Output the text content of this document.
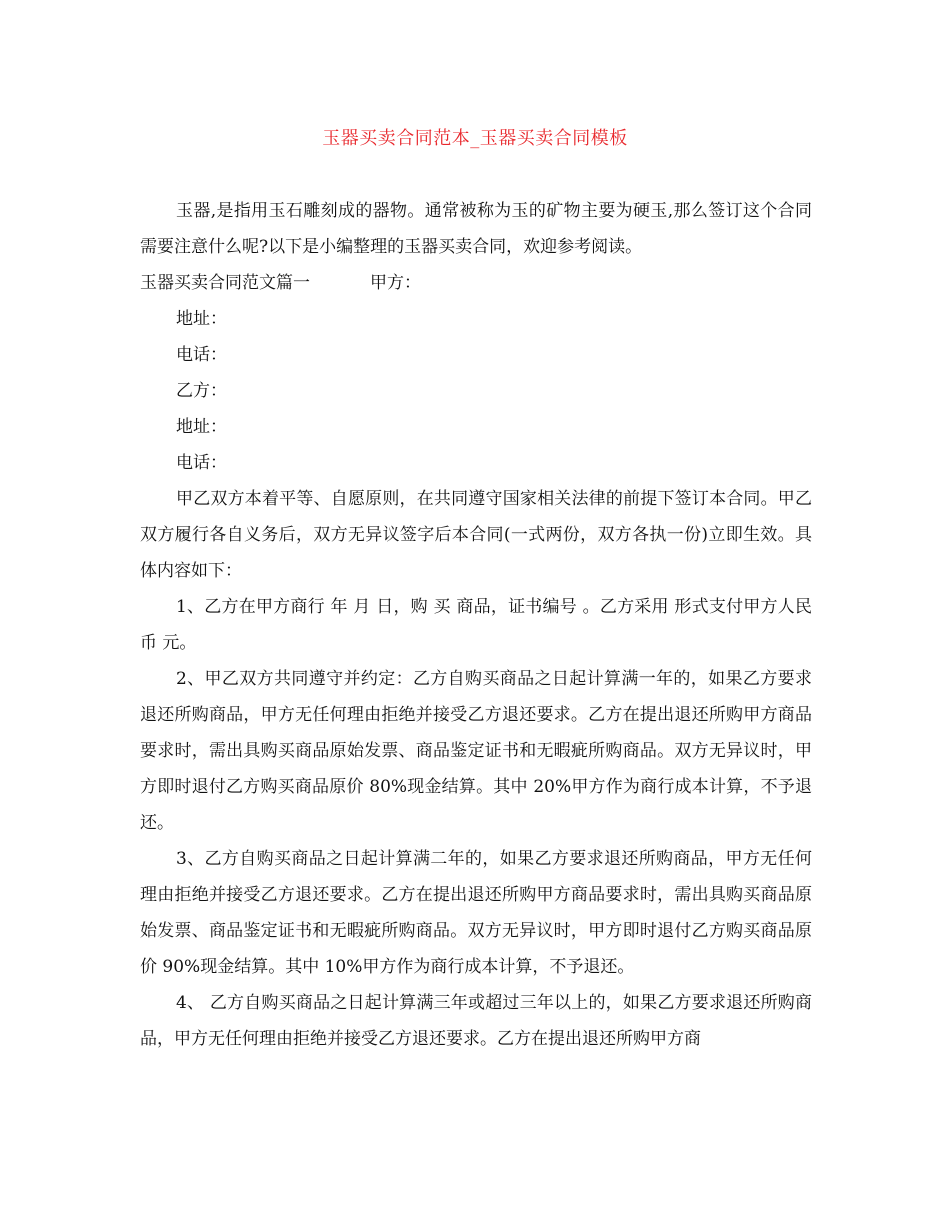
玉器买卖合同范本_玉器买卖合同模板

玉器,是指用玉石雕刻成的器物。通常被称为玉的矿物主要为硬玉,那么签订这个合同需要注意什么呢?以下是小编整理的玉器买卖合同，欢迎参考阅读。

玉器买卖合同范文篇一	甲方：

地址：

电话：

乙方：

地址：

电话：

甲乙双方本着平等、自愿原则，在共同遵守国家相关法律的前提下签订本合同。甲乙双方履行各自义务后，双方无异议签字后本合同(一式两份，双方各执一份)立即生效。具体内容如下：

1、乙方在甲方商行 年 月 日，购 买 商品，证书编号 。乙方采用 形式支付甲方人民币 元。

2、甲乙双方共同遵守并约定：乙方自购买商品之日起计算满一年的，如果乙方要求退还所购商品，甲方无任何理由拒绝并接受乙方退还要求。乙方在提出退还所购甲方商品要求时，需出具购买商品原始发票、商品鉴定证书和无暇疵所购商品。双方无异议时，甲方即时退付乙方购买商品原价 80%现金结算。其中 20%甲方作为商行成本计算，不予退还。

3、乙方自购买商品之日起计算满二年的，如果乙方要求退还所购商品，甲方无任何理由拒绝并接受乙方退还要求。乙方在提出退还所购甲方商品要求时，需出具购买商品原始发票、商品鉴定证书和无暇疵所购商品。双方无异议时，甲方即时退付乙方购买商品原价 90%现金结算。其中 10%甲方作为商行成本计算，不予退还。

4、 乙方自购买商品之日起计算满三年或超过三年以上的，如果乙方要求退还所购商品，甲方无任何理由拒绝并接受乙方退还要求。乙方在提出退还所购甲方商
